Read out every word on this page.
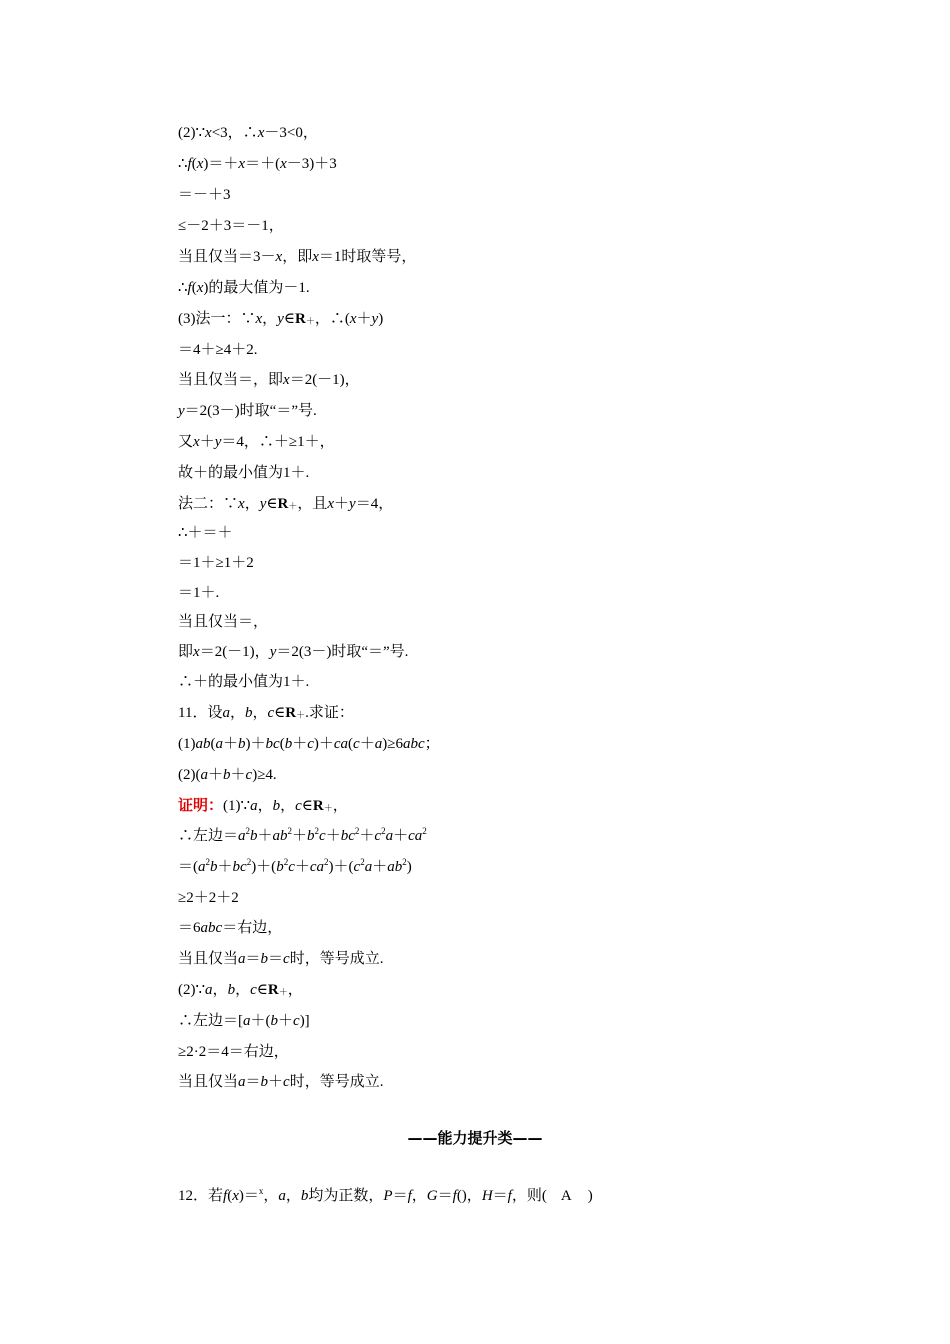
(2)∵x<3，∴x－3<0，
∴f(x)＝＋x＝＋(x－3)＋3
＝－＋3
≤－2＋3＝－1，
当且仅当＝3－x，即x＝1时取等号，
∴f(x)的最大值为－1.
(3)法一：∵x，$y\in R_+$，∴(x＋y)
＝4＋≥4＋2.
当且仅当＝，即x＝2(－1)，
y＝2(3－)时取“＝”号.
又x＋y＝4，∴＋≥1＋，
故＋的最小值为1＋.
法二：∵x，$y\in R_+$，且x＋y＝4，
∴＋＝＋
＝1＋≥1＋2
＝1＋.
当且仅当＝，
即x＝2(－1)，y＝2(3－)时取“＝”号.
∴＋的最小值为1＋.
11．设a，b，$c\in R_+$.求证：
(1)ab(a＋b)＋bc(b＋c)＋ca(c＋a)≥6abc；
(2)(a＋b＋c)≥4.
证明：(1)∵a，b，$c\in R_+$，
∴左边$=a^2b+ab^2+b^2c+bc^2+c^2a+ca^2$
$=(a^2b+bc^2)+(b^2c+ca^2)+(c^2a+ab^2)$
≥2＋2＋2
＝6abc＝右边，
当且仅当a＝b＝c时，等号成立.
(2)∵a，b，$c\in R_+$，
∴左边＝[a＋(b＋c)]
≥2·2＝4＝右边，
当且仅当a＝b＋c时，等号成立.
——能力提升类——
12．若f(x)＝$^x$，a，b均为正数，P＝f，G＝f()，H＝f，则( A )
